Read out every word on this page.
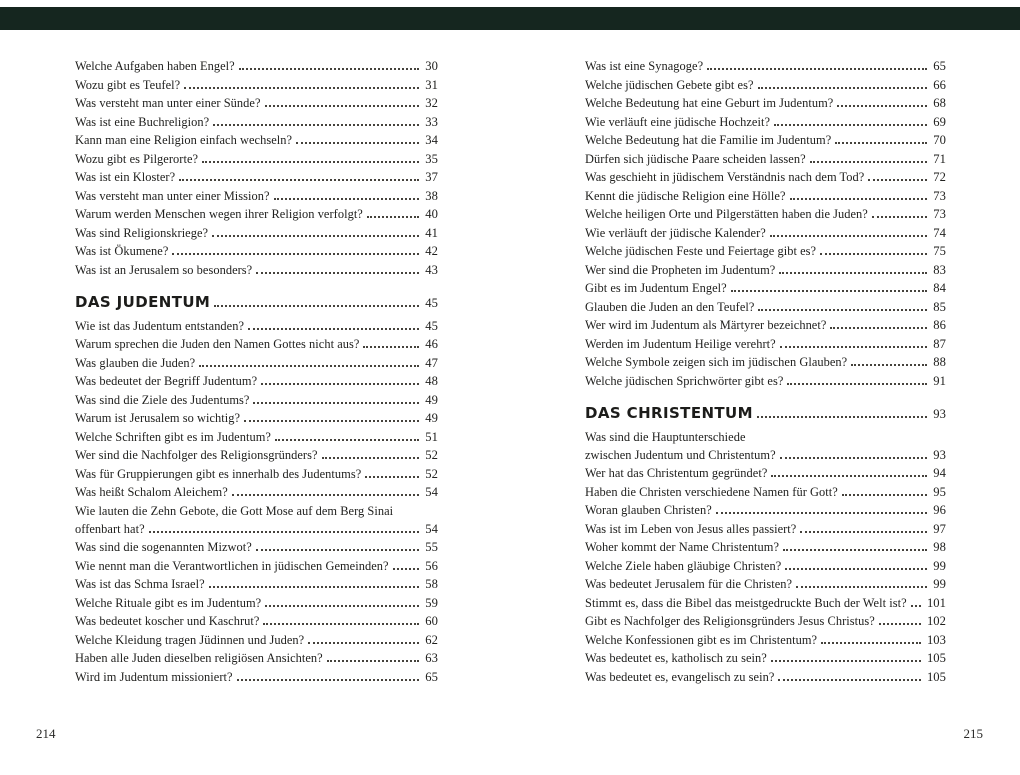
Welche Aufgaben haben Engel?	30
Wozu gibt es Teufel?	31
Was versteht man unter einer Sünde?	32
Was ist eine Buchreligion?	33
Kann man eine Religion einfach wechseln?	34
Wozu gibt es Pilgerorte?	35
Was ist ein Kloster?	37
Was versteht man unter einer Mission?	38
Warum werden Menschen wegen ihrer Religion verfolgt?	40
Was sind Religionskriege?	41
Was ist Ökumene?	42
Was ist an Jerusalem so besonders?	43
DAS JUDENTUM	45
Wie ist das Judentum entstanden?	45
Warum sprechen die Juden den Namen Gottes nicht aus?	46
Was glauben die Juden?	47
Was bedeutet der Begriff Judentum?	48
Was sind die Ziele des Judentums?	49
Warum ist Jerusalem so wichtig?	49
Welche Schriften gibt es im Judentum?	51
Wer sind die Nachfolger des Religionsgründers?	52
Was für Gruppierungen gibt es innerhalb des Judentums?	52
Was heißt Schalom Aleichem?	54
Wie lauten die Zehn Gebote, die Gott Mose auf dem Berg Sinai
offenbart hat?	54
Was sind die sogenannten Mizwot?	55
Wie nennt man die Verantwortlichen in jüdischen Gemeinden?	56
Was ist das Schma Israel?	58
Welche Rituale gibt es im Judentum?	59
Was bedeutet koscher und Kaschrut?	60
Welche Kleidung tragen Jüdinnen und Juden?	62
Haben alle Juden dieselben religiösen Ansichten?	63
Wird im Judentum missioniert?	65
Was ist eine Synagoge?	65
Welche jüdischen Gebete gibt es?	66
Welche Bedeutung hat eine Geburt im Judentum?	68
Wie verläuft eine jüdische Hochzeit?	69
Welche Bedeutung hat die Familie im Judentum?	70
Dürfen sich jüdische Paare scheiden lassen?	71
Was geschieht in jüdischem Verständnis nach dem Tod?	72
Kennt die jüdische Religion eine Hölle?	73
Welche heiligen Orte und Pilgerstätten haben die Juden?	73
Wie verläuft der jüdische Kalender?	74
Welche jüdischen Feste und Feiertage gibt es?	75
Wer sind die Propheten im Judentum?	83
Gibt es im Judentum Engel?	84
Glauben die Juden an den Teufel?	85
Wer wird im Judentum als Märtyrer bezeichnet?	86
Werden im Judentum Heilige verehrt?	87
Welche Symbole zeigen sich im jüdischen Glauben?	88
Welche jüdischen Sprichwörter gibt es?	91
DAS CHRISTENTUM	93
Was sind die Hauptunterschiede
zwischen Judentum und Christentum?	93
Wer hat das Christentum gegründet?	94
Haben die Christen verschiedene Namen für Gott?	95
Woran glauben Christen?	96
Was ist im Leben von Jesus alles passiert?	97
Woher kommt der Name Christentum?	98
Welche Ziele haben gläubige Christen?	99
Was bedeutet Jerusalem für die Christen?	99
Stimmt es, dass die Bibel das meistgedruckte Buch der Welt ist?	101
Gibt es Nachfolger des Religionsgründers Jesus Christus?	102
Welche Konfessionen gibt es im Christentum?	103
Was bedeutet es, katholisch zu sein?	105
Was bedeutet es, evangelisch zu sein?	105
214	215
